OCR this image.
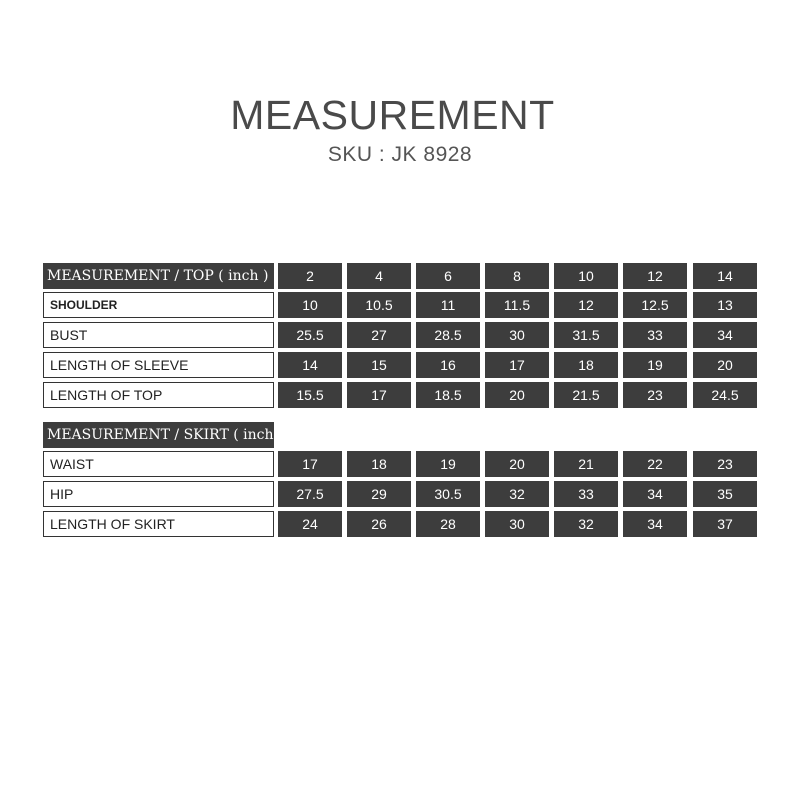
MEASUREMENT
SKU : JK 8928
MEASUREMENT / TOP ( inch )	2	4	6	8	10	12	14
SHOULDER	10	10.5	11	11.5	12	12.5	13
BUST	25.5	27	28.5	30	31.5	33	34
LENGTH OF SLEEVE	14	15	16	17	18	19	20
LENGTH OF TOP	15.5	17	18.5	20	21.5	23	24.5
MEASUREMENT / SKIRT ( inch )
WAIST	17	18	19	20	21	22	23
HIP	27.5	29	30.5	32	33	34	35
LENGTH OF SKIRT	24	26	28	30	32	34	37
